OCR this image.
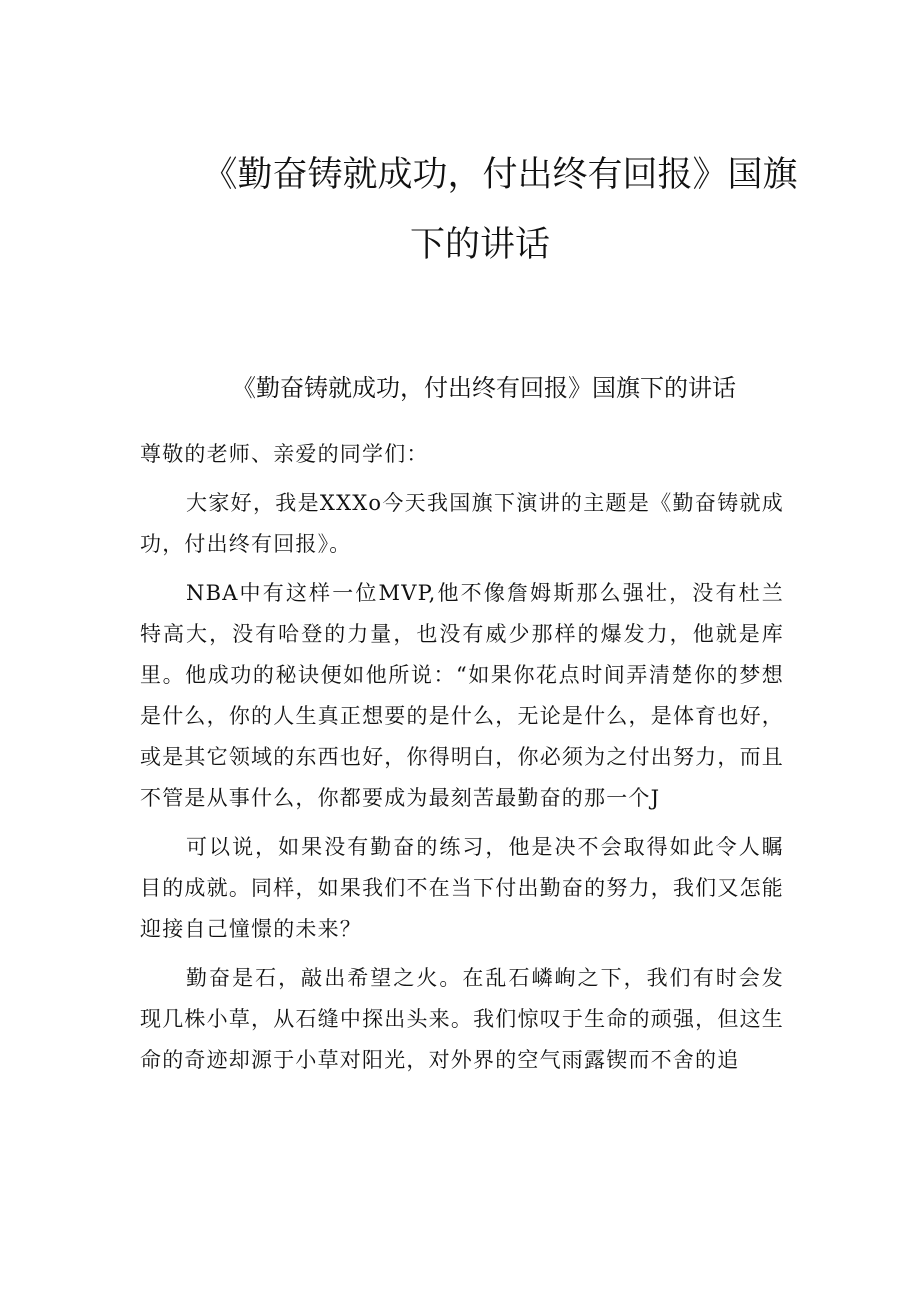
《勤奋铸就成功，付出终有回报》国旗
下的讲话
《勤奋铸就成功，付出终有回报》国旗下的讲话

尊敬的老师、亲爱的同学们：

大家好，我是XXXo今天我国旗下演讲的主题是《勤奋铸就成功，付出终有回报》。

NBA中有这样一位MVP,他不像詹姆斯那么强壮，没有杜兰特高大，没有哈登的力量，也没有威少那样的爆发力，他就是库里。他成功的秘诀便如他所说：“如果你花点时间弄清楚你的梦想是什么，你的人生真正想要的是什么，无论是什么，是体育也好，或是其它领域的东西也好，你得明白，你必须为之付出努力，而且不管是从事什么，你都要成为最刻苦最勤奋的那一个J

可以说，如果没有勤奋的练习，他是决不会取得如此令人瞩目的成就。同样，如果我们不在当下付出勤奋的努力，我们又怎能迎接自己憧憬的未来？

勤奋是石，敲出希望之火。在乱石嶙峋之下，我们有时会发现几株小草，从石缝中探出头来。我们惊叹于生命的顽强，但这生命的奇迹却源于小草对阳光，对外界的空气雨露锲而不舍的追
